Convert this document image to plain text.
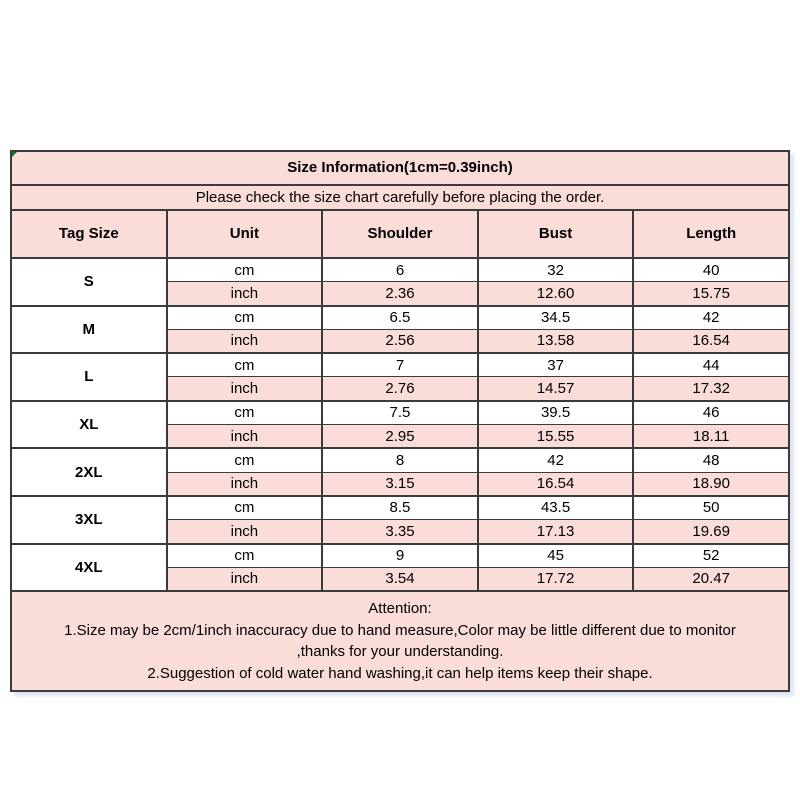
Size Information(1cm=0.39inch)				
Please check the size chart carefully before placing the order.				
Tag Size	Unit	Shoulder	Bust	Length
S	cm	6	32	40
	inch	2.36	12.60	15.75
M	cm	6.5	34.5	42
	inch	2.56	13.58	16.54
L	cm	7	37	44
	inch	2.76	14.57	17.32
XL	cm	7.5	39.5	46
	inch	2.95	15.55	18.11
2XL	cm	8	42	48
	inch	3.15	16.54	18.90
3XL	cm	8.5	43.5	50
	inch	3.35	17.13	19.69
4XL	cm	9	45	52
	inch	3.54	17.72	20.47

Attention:
1.Size may be 2cm/1inch inaccuracy due to hand measure,Color may be little different due to monitor
,thanks for your understanding.
2.Suggestion of cold water hand washing,it can help items keep their shape.				
